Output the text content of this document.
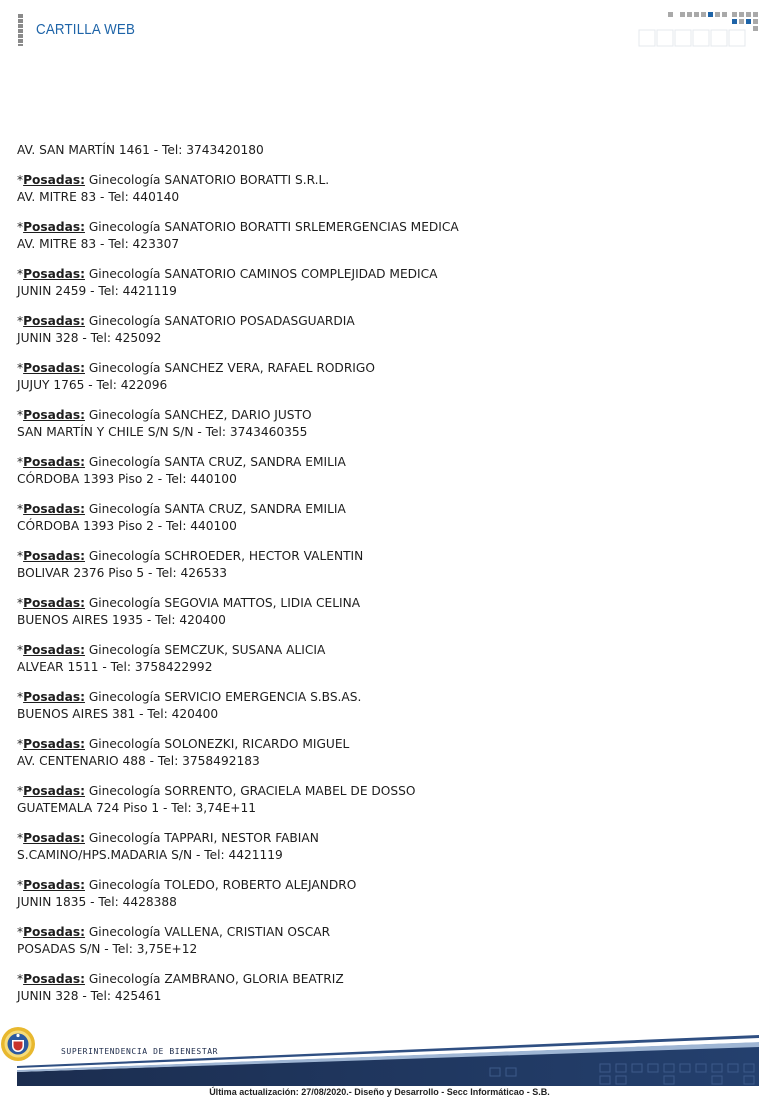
CARTILLA WEB
AV. SAN MARTÍN 1461 - Tel: 3743420180
*Posadas: Ginecología SANATORIO BORATTI S.R.L.
AV. MITRE 83 - Tel: 440140
*Posadas: Ginecología SANATORIO BORATTI SRLEMERGENCIAS MEDICA
AV. MITRE 83 - Tel: 423307
*Posadas: Ginecología SANATORIO CAMINOS COMPLEJIDAD MEDICA
JUNIN 2459 - Tel: 4421119
*Posadas: Ginecología SANATORIO POSADASGUARDIA
JUNIN 328 - Tel: 425092
*Posadas: Ginecología SANCHEZ VERA, RAFAEL RODRIGO
JUJUY 1765 - Tel: 422096
*Posadas: Ginecología SANCHEZ, DARIO JUSTO
SAN MARTÍN Y CHILE S/N S/N - Tel: 3743460355
*Posadas: Ginecología SANTA CRUZ, SANDRA EMILIA
CÓRDOBA 1393 Piso 2 - Tel: 440100
*Posadas: Ginecología SANTA CRUZ, SANDRA EMILIA
CÓRDOBA 1393 Piso 2 - Tel: 440100
*Posadas: Ginecología SCHROEDER, HECTOR VALENTIN
BOLIVAR 2376 Piso 5 - Tel: 426533
*Posadas: Ginecología SEGOVIA MATTOS, LIDIA CELINA
BUENOS AIRES 1935 - Tel: 420400
*Posadas: Ginecología SEMCZUK, SUSANA ALICIA
ALVEAR 1511 - Tel: 3758422992
*Posadas: Ginecología SERVICIO EMERGENCIA S.BS.AS.
BUENOS AIRES 381 - Tel: 420400
*Posadas: Ginecología SOLONEZKI, RICARDO MIGUEL
AV. CENTENARIO 488 - Tel: 3758492183
*Posadas: Ginecología SORRENTO, GRACIELA MABEL DE DOSSO
GUATEMALA 724 Piso 1 - Tel: 3,74E+11
*Posadas: Ginecología TAPPARI, NESTOR FABIAN
S.CAMINO/HPS.MADARIA S/N - Tel: 4421119
*Posadas: Ginecología TOLEDO, ROBERTO ALEJANDRO
JUNIN 1835 - Tel: 4428388
*Posadas: Ginecología VALLENA, CRISTIAN OSCAR
POSADAS S/N - Tel: 3,75E+12
*Posadas: Ginecología ZAMBRANO, GLORIA BEATRIZ
JUNIN 328 - Tel: 425461
SUPERINTENDENCIA DE BIENESTAR
Última actualización: 27/08/2020.- Diseño y Desarrollo - Secc Informáticao - S.B.
